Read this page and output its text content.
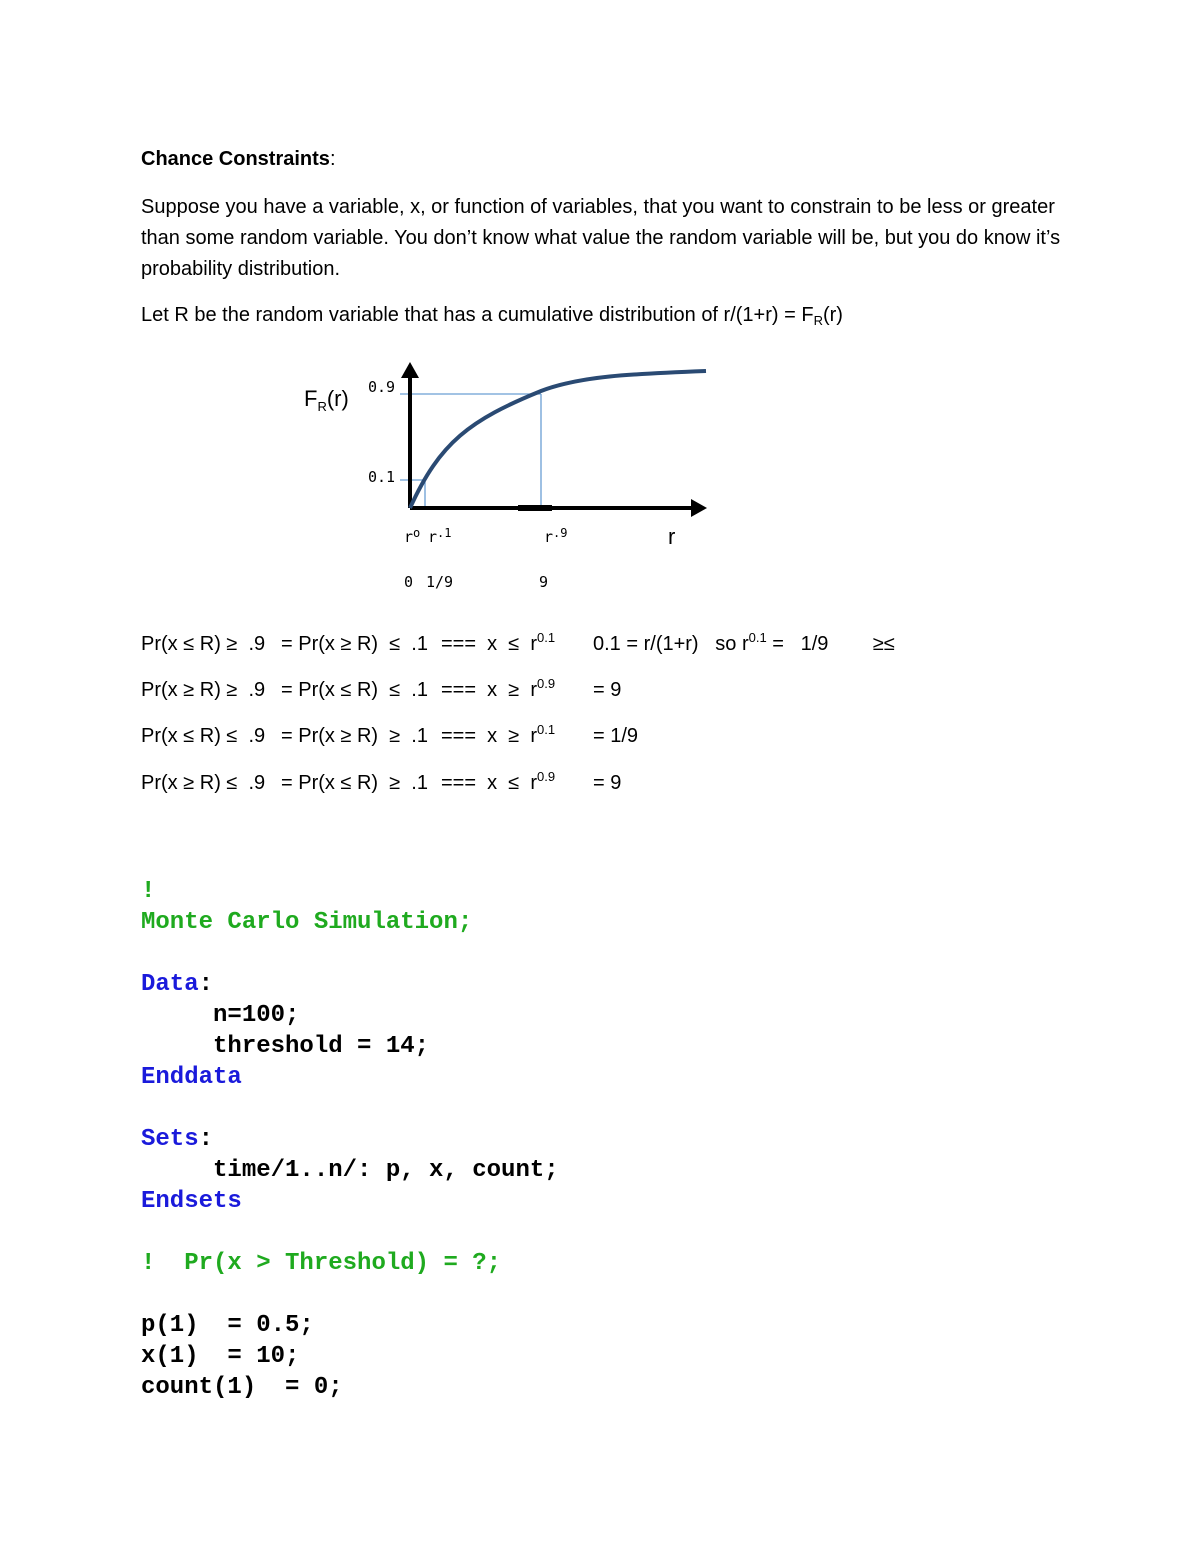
Chance Constraints:
Suppose you have a variable, x, or function of variables, that you want to constrain to be less or greater than some random variable. You don’t know what value the random variable will be, but you do know it’s probability distribution.
Let R be the random variable that has a cumulative distribution of $r/(1+r) = F_R(r)$
$F_R(r)$ 0.9
0.1
$r^o$ $r^{.1}$	$r^{.9}$	r
0 1/9	9
Pr(x ≤ R) ≥  .9 = Pr(x ≥ R)  ≤  .1 ===  $x \le r^{0.1}$ 0.1 = r/(1+r)   so $r^{0.1} = 1/9$        ≥≤
Pr(x ≥ R) ≥  .9 = Pr(x ≤ R)  ≤  .1 ===  $x \ge r^{0.9} = 9$
Pr(x ≤ R) ≤  .9 = Pr(x ≥ R)  ≥  .1 ===  $x \ge r^{0.1} = 1/9$
Pr(x ≥ R) ≤  .9 = Pr(x ≤ R)  ≥  .1 ===  $x \le r^{0.9} = 9$
!
Monte Carlo Simulation;

Data:
n=100;
threshold = 14;
Enddata

Sets:
time/1..n/: p, x, count;
Endsets

!  Pr(x > Threshold) = ?;

p(1)  = 0.5;
x(1)  = 10;
count(1)  = 0;
